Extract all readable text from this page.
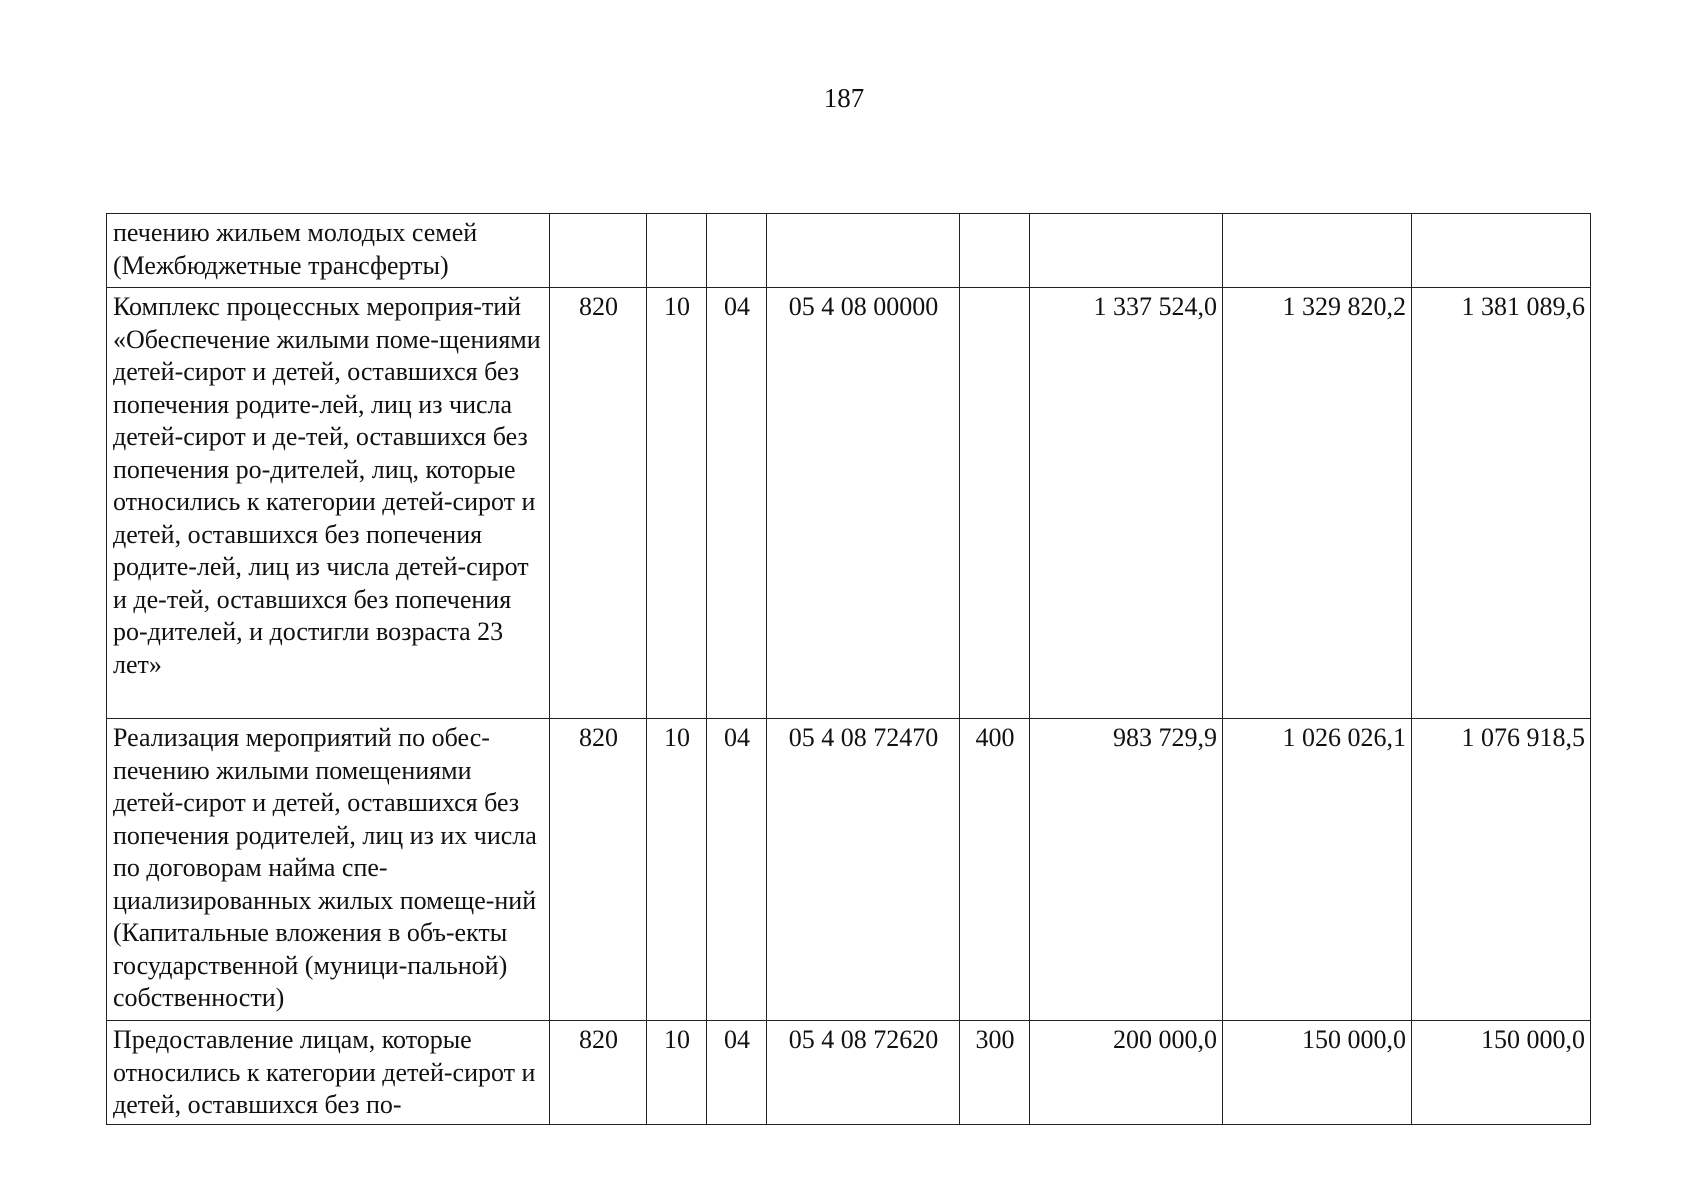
187
печению жильем молодых семей (Межбюджетные трансферты)								
Комплекс процессных мероприя-тий «Обеспечение жилыми поме-щениями детей-сирот и детей, оставшихся без попечения родите-лей, лиц из числа детей-сирот и де-тей, оставшихся без попечения ро-дителей, лиц, которые относились к категории детей-сирот и детей, оставшихся без попечения родите-лей, лиц из числа детей-сирот и де-тей, оставшихся без попечения ро-дителей, и достигли возраста 23 лет»	820	10	04	05 4 08 00000		1 337 524,0	1 329 820,2	1 381 089,6
Реализация мероприятий по обес-печению жилыми помещениями детей-сирот и детей, оставшихся без попечения родителей, лиц из их числа по договорам найма спе-циализированных жилых помеще-ний (Капитальные вложения в объ-екты государственной (муници-пальной) собственности)	820	10	04	05 4 08 72470	400	983 729,9	1 026 026,1	1 076 918,5
Предоставление лицам, которые относились к категории детей-сирот и детей, оставшихся без по-	820	10	04	05 4 08 72620	300	200 000,0	150 000,0	150 000,0
